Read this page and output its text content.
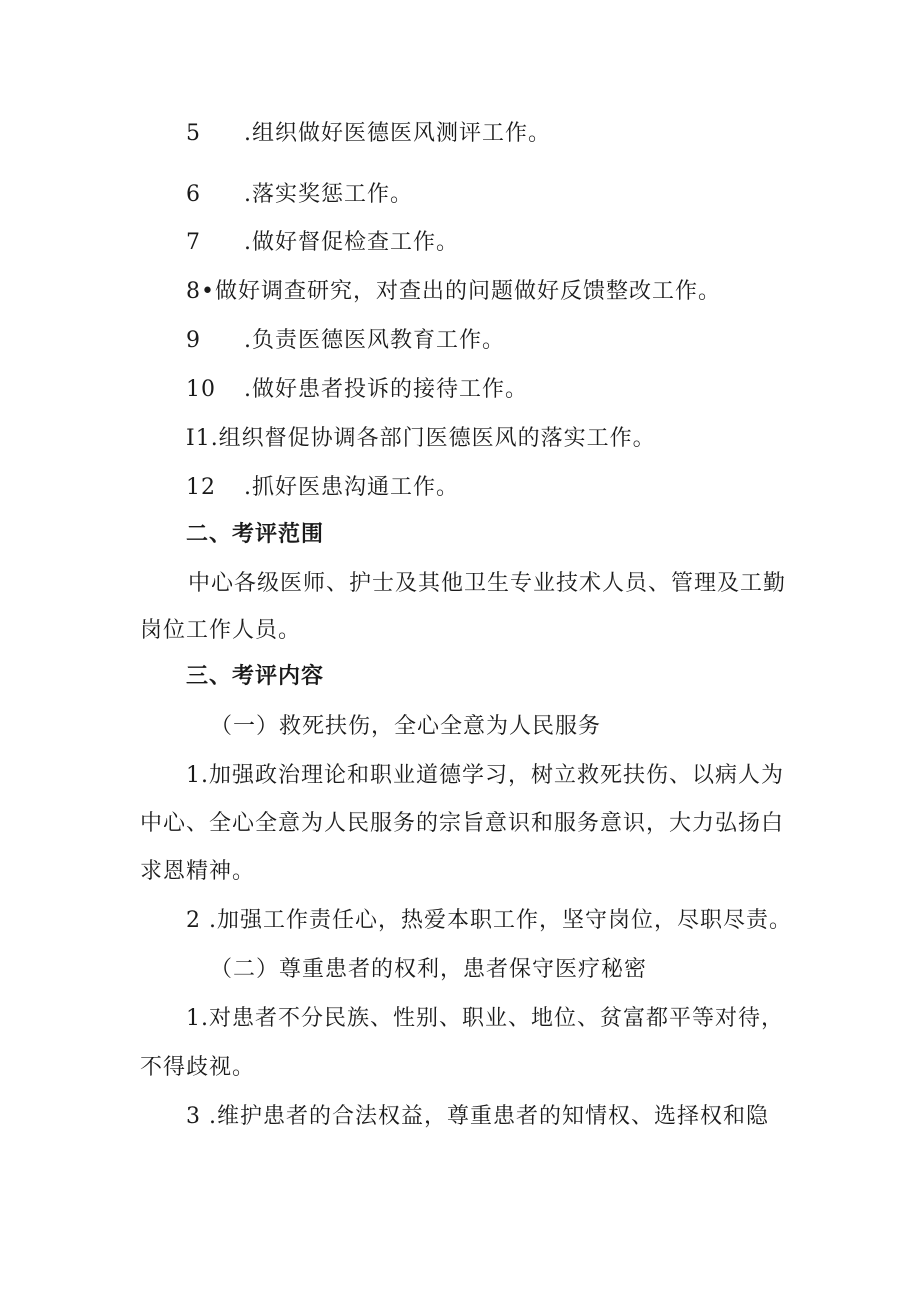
5 .组织做好医德医风测评工作。
6 .落实奖惩工作。
7 .做好督促检查工作。
8•做好调查研究，对查出的问题做好反馈整改工作。
9 .负责医德医风教育工作。
10 .做好患者投诉的接待工作。
I1.组织督促协调各部门医德医风的落实工作。
12 .抓好医患沟通工作。
二、考评范围
中心各级医师、护士及其他卫生专业技术人员、管理及工勤
岗位工作人员。
三、考评内容
（一）救死扶伤，全心全意为人民服务
1.加强政治理论和职业道德学习，树立救死扶伤、以病人为
中心、全心全意为人民服务的宗旨意识和服务意识，大力弘扬白
求恩精神。
2 .加强工作责任心，热爱本职工作，坚守岗位，尽职尽责。
（二）尊重患者的权利，患者保守医疗秘密
1.对患者不分民族、性别、职业、地位、贫富都平等对待，
不得歧视。
3 .维护患者的合法权益，尊重患者的知情权、选择权和隐
